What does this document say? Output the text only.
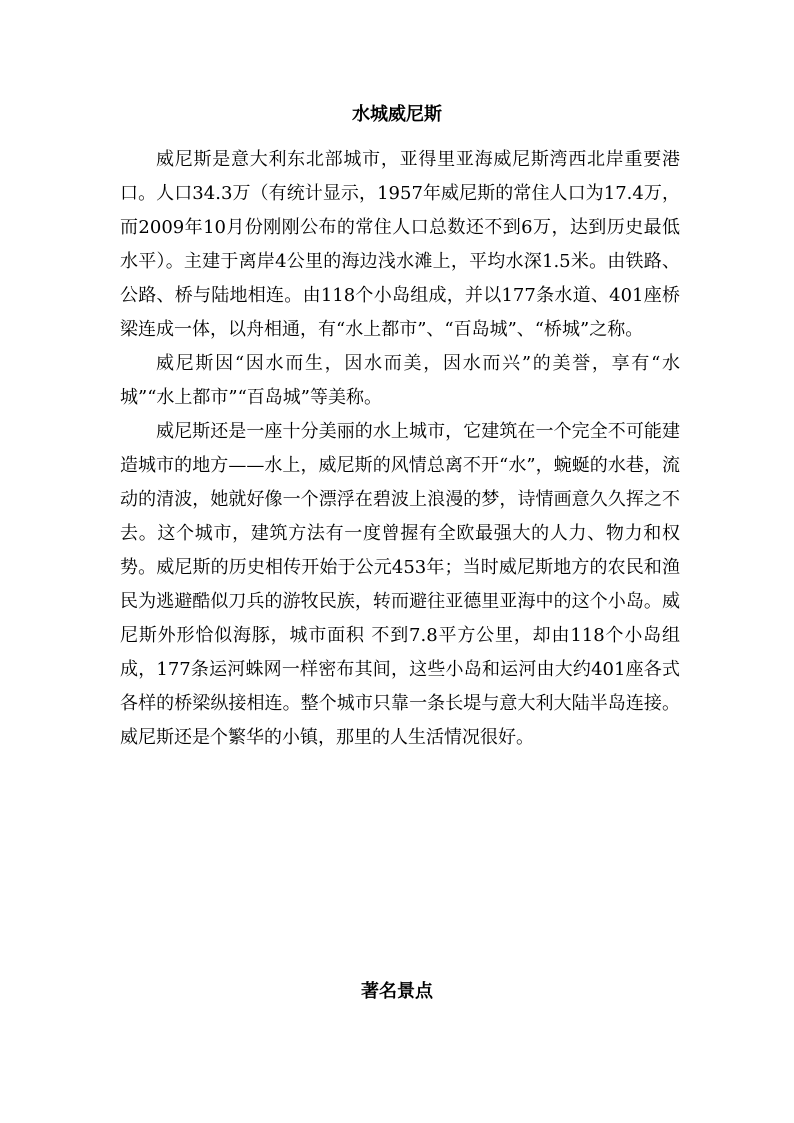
水城威尼斯

威尼斯是意大利东北部城市，亚得里亚海威尼斯湾西北岸重要港口。人口34.3万（有统计显示，1957年威尼斯的常住人口为17.4万，而2009年10月份刚刚公布的常住人口总数还不到6万，达到历史最低水平）。主建于离岸4公里的海边浅水滩上，平均水深1.5米。由铁路、公路、桥与陆地相连。由118个小岛组成，并以177条水道、401座桥梁连成一体，以舟相通，有“水上都市”、“百岛城”、“桥城”之称。

威尼斯因“因水而生，因水而美，因水而兴”的美誉，享有“水城”“水上都市”“百岛城”等美称。

威尼斯还是一座十分美丽的水上城市，它建筑在一个完全不可能建造城市的地方——水上，威尼斯的风情总离不开“水”，蜿蜒的水巷，流动的清波，她就好像一个漂浮在碧波上浪漫的梦，诗情画意久久挥之不去。这个城市，建筑方法有一度曾握有全欧最强大的人力、物力和权势。威尼斯的历史相传开始于公元453年；当时威尼斯地方的农民和渔民为逃避酷似刀兵的游牧民族，转而避往亚德里亚海中的这个小岛。威尼斯外形恰似海豚，城市面积 不到7.8平方公里，却由118个小岛组成，177条运河蛛网一样密布其间，这些小岛和运河由大约401座各式各样的桥梁纵接相连。整个城市只靠一条长堤与意大利大陆半岛连接。威尼斯还是个繁华的小镇，那里的人生活情况很好。

著名景点
